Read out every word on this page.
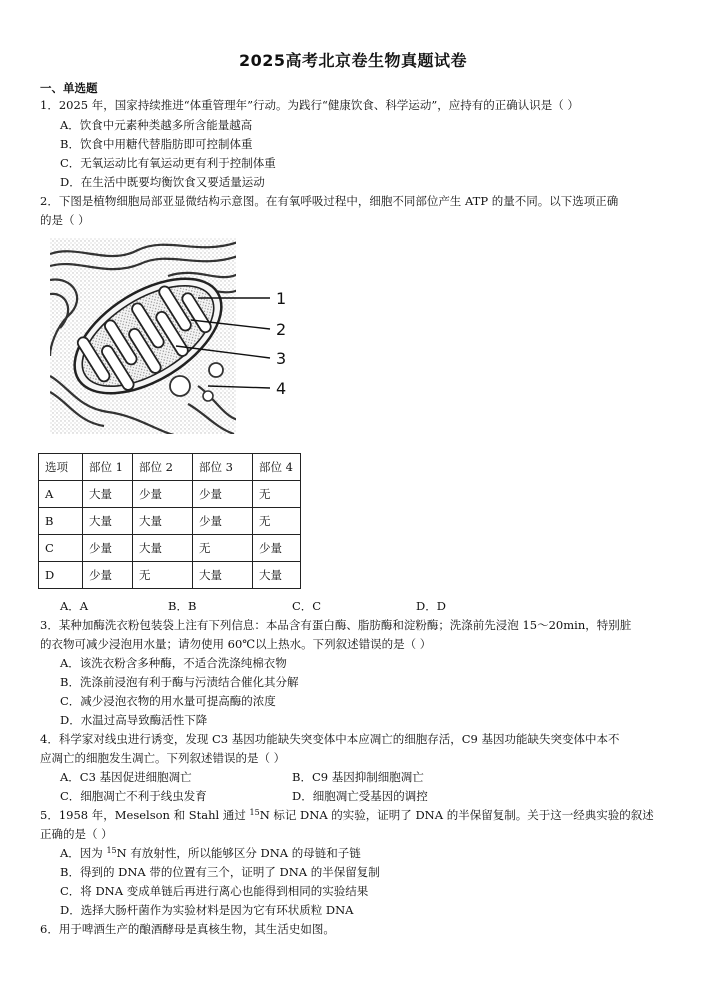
2025高考北京卷生物真题试卷
一、单选题
1．2025 年，国家持续推进“体重管理年”行动。为践行“健康饮食、科学运动”，应持有的正确认识是（ ）
A．饮食中元素种类越多所含能量越高
B．饮食中用糖代替脂肪即可控制体重
C．无氧运动比有氧运动更有利于控制体重
D．在生活中既要均衡饮食又要适量运动
2．下图是植物细胞局部亚显微结构示意图。在有氧呼吸过程中，细胞不同部位产生 ATP 的量不同。以下选项正确
的是（ ）
1
2
3
4
选项	部位 1	部位 2	部位 3	部位 4
A	大量	少量	少量	无
B	大量	大量	少量	无
C	少量	大量	无	少量
D	少量	无	大量	大量
A．A	B．B	C．C	D．D
3．某种加酶洗衣粉包装袋上注有下列信息：本品含有蛋白酶、脂肪酶和淀粉酶；洗涤前先浸泡 15～20min，特别脏
的衣物可减少浸泡用水量；请勿使用 60℃以上热水。下列叙述错误的是（ ）
A．该洗衣粉含多种酶，不适合洗涤纯棉衣物
B．洗涤前浸泡有利于酶与污渍结合催化其分解
C．减少浸泡衣物的用水量可提高酶的浓度
D．水温过高导致酶活性下降
4．科学家对线虫进行诱变，发现 C3 基因功能缺失突变体中本应凋亡的细胞存活，C9 基因功能缺失突变体中本不
应凋亡的细胞发生凋亡。下列叙述错误的是（ ）
A．C3 基因促进细胞凋亡	B．C9 基因抑制细胞凋亡
C．细胞凋亡不利于线虫发育	D．细胞凋亡受基因的调控
5．1958 年，Meselson 和 Stahl 通过 $^{15}$N 标记 DNA 的实验，证明了 DNA 的半保留复制。关于这一经典实验的叙述
正确的是（ ）
A．因为 $^{15}$N 有放射性，所以能够区分 DNA 的母链和子链
B．得到的 DNA 带的位置有三个，证明了 DNA 的半保留复制
C．将 DNA 变成单链后再进行离心也能得到相同的实验结果
D．选择大肠杆菌作为实验材料是因为它有环状质粒 DNA
6．用于啤酒生产的酿酒酵母是真核生物，其生活史如图。
